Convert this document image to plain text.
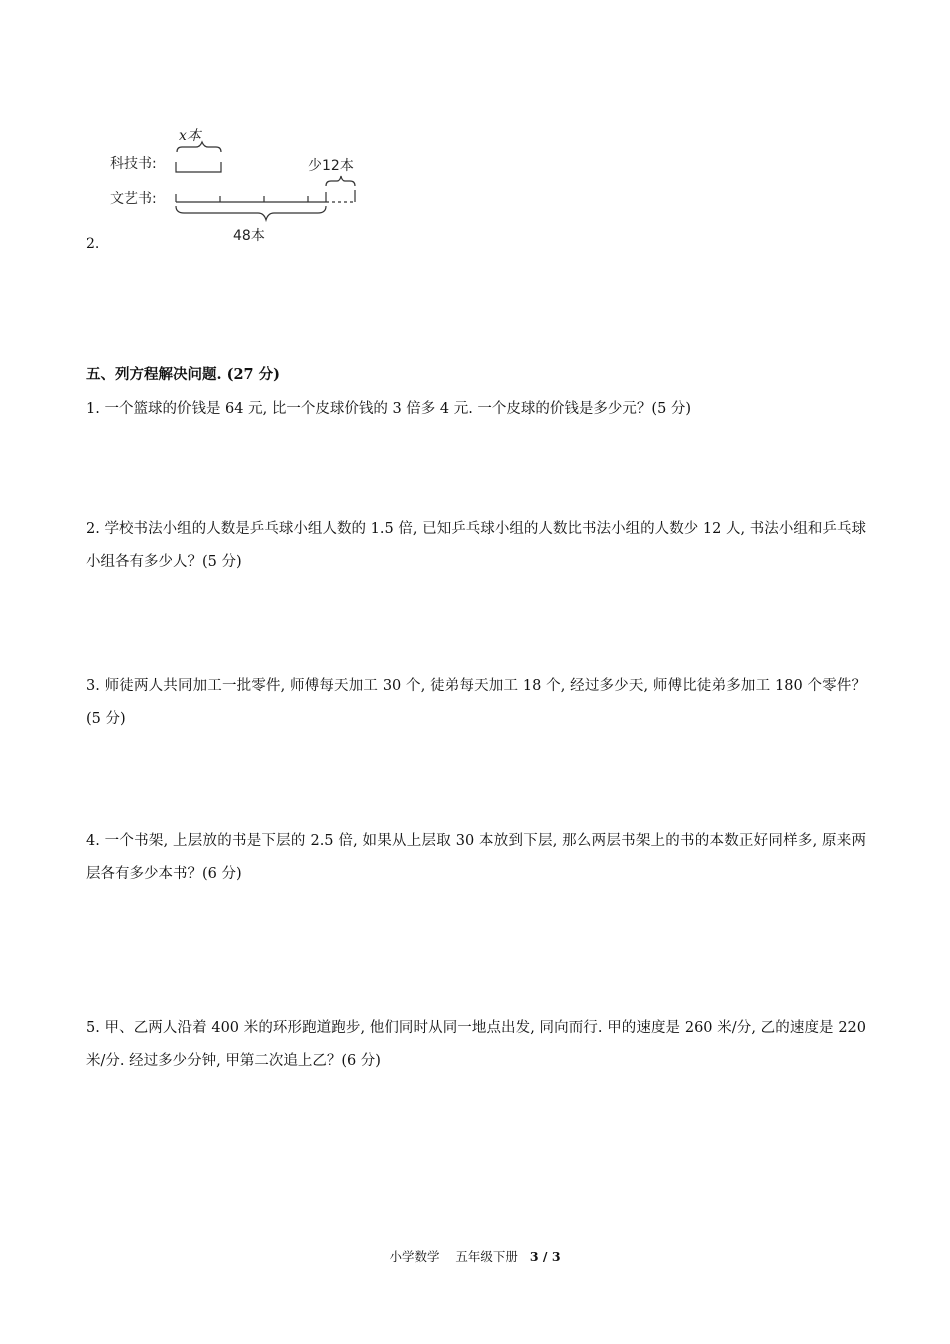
科技书:
文艺书:
x本
少12本
48本
2.
五、列方程解决问题. (27 分)
1. 一个篮球的价钱是 64 元, 比一个皮球价钱的 3 倍多 4 元. 一个皮球的价钱是多少元？(5 分)
2. 学校书法小组的人数是乒乓球小组人数的 1.5 倍, 已知乒乓球小组的人数比书法小组的人数少 12 人, 书法小组和乒乓球小组各有多少人？(5 分)
3. 师徒两人共同加工一批零件, 师傅每天加工 30 个, 徒弟每天加工 18 个, 经过多少天, 师傅比徒弟多加工 180 个零件？(5 分)
4. 一个书架, 上层放的书是下层的 2.5 倍, 如果从上层取 30 本放到下层, 那么两层书架上的书的本数正好同样多, 原来两层各有多少本书？(6 分)
5. 甲、乙两人沿着 400 米的环形跑道跑步, 他们同时从同一地点出发, 同向而行. 甲的速度是 260 米/分, 乙的速度是 220 米/分. 经过多少分钟, 甲第二次追上乙？(6 分)
小学数学 五年级下册 3 / 3
